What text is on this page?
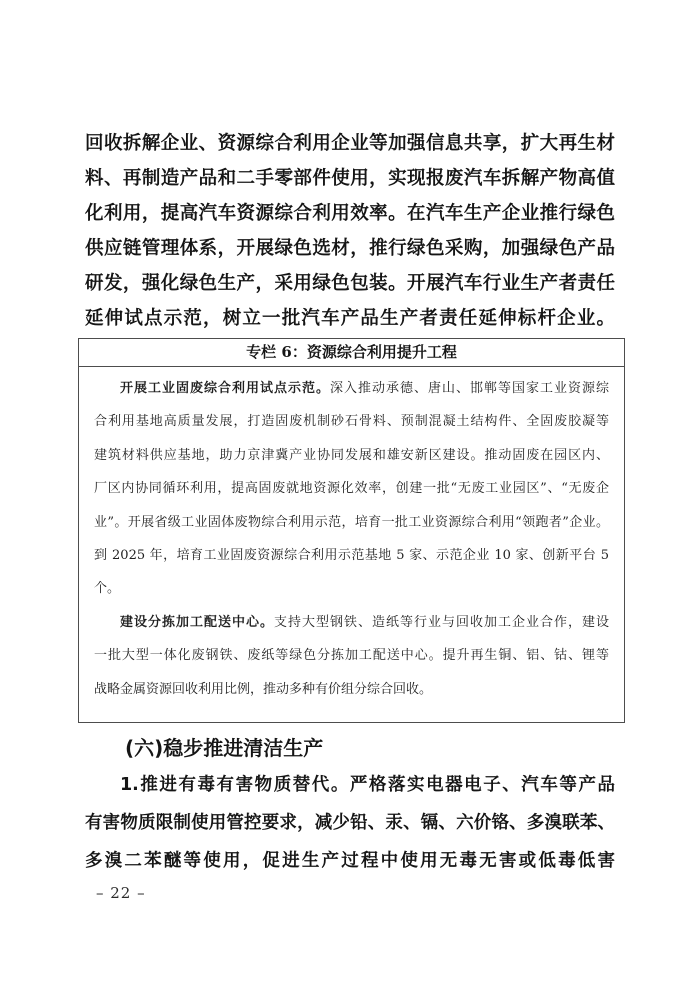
回收拆解企业、资源综合利用企业等加强信息共享，扩大再生材
料、再制造产品和二手零部件使用，实现报废汽车拆解产物高值
化利用，提高汽车资源综合利用效率。在汽车生产企业推行绿色
供应链管理体系，开展绿色选材，推行绿色采购，加强绿色产品
研发，强化绿色生产，采用绿色包装。开展汽车行业生产者责任
延伸试点示范，树立一批汽车产品生产者责任延伸标杆企业。
专栏 6：资源综合利用提升工程
开展工业固废综合利用试点示范。深入推动承德、唐山、邯郸等国家工业资源综
合利用基地高质量发展，打造固废机制砂石骨料、预制混凝土结构件、全固废胶凝等
建筑材料供应基地，助力京津冀产业协同发展和雄安新区建设。推动固废在园区内、
厂区内协同循环利用，提高固废就地资源化效率，创建一批“无废工业园区”、“无废企
业”。开展省级工业固体废物综合利用示范，培育一批工业资源综合利用“领跑者”企业。
到 2025 年，培育工业固废资源综合利用示范基地 5 家、示范企业 10 家、创新平台 5
个。
建设分拣加工配送中心。支持大型钢铁、造纸等行业与回收加工企业合作，建设
一批大型一体化废钢铁、废纸等绿色分拣加工配送中心。提升再生铜、铝、钴、锂等
战略金属资源回收利用比例，推动多种有价组分综合回收。
(六)稳步推进清洁生产
1.推进有毒有害物质替代。严格落实电器电子、汽车等产品
有害物质限制使用管控要求，减少铅、汞、镉、六价铬、多溴联苯、
多溴二苯醚等使用，促进生产过程中使用无毒无害或低毒低害
– 22 –
